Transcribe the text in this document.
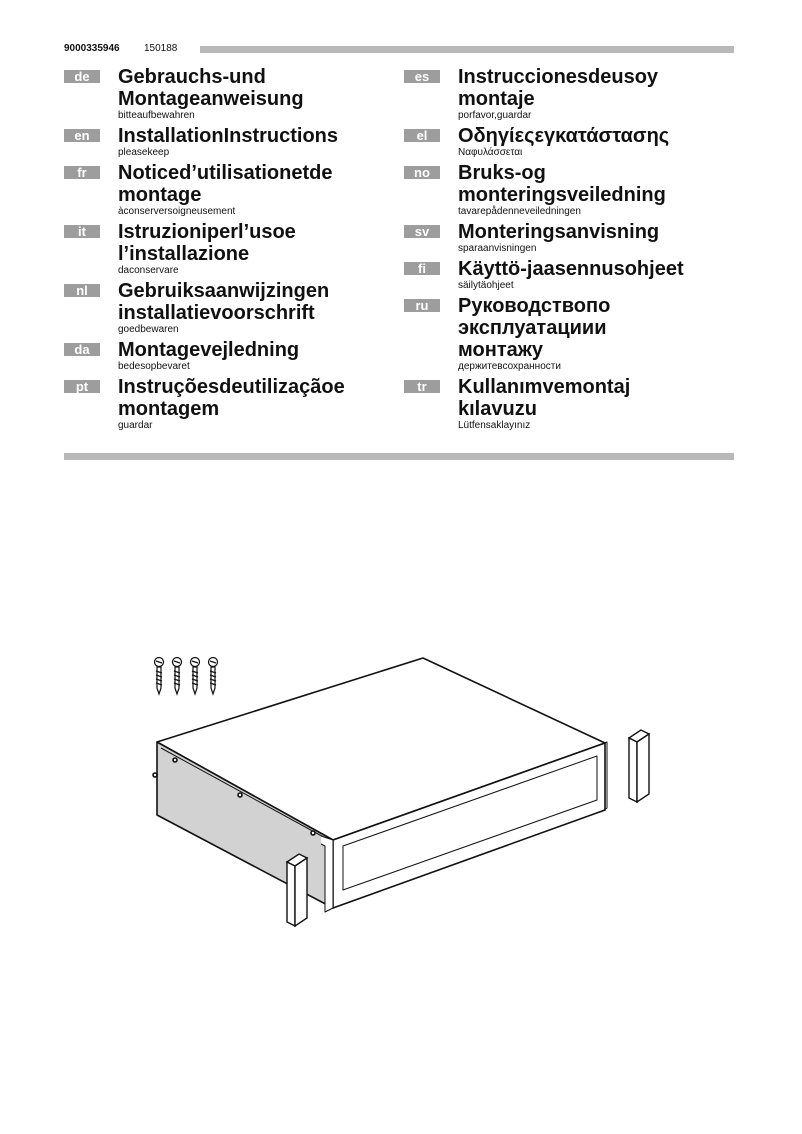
9000335946 150188
de	Gebrauchs-und
Montageanweisung
bitteaufbewahren
en	InstallationInstructions
pleasekeep
fr	Noticed’utilisationetde
montage
àconserversoigneusement
it	Istruzioniperl’usoe
l’installazione
daconservare
nl	Gebruiksaanwijzingen
installatievoorschrift
goedbewaren
da	Montagevejledning
bedesopbevaret
pt	Instruçõesdeutilizaçãoe
montagem
guardar
es	Instruccionesdeusoy
montaje
porfavor,guardar
el	Οδηγίεςεγκατάστασης
Ναφυλάσσεται
no	Bruks-og
monteringsveiledning
tavarepådenneveiledningen
sv	Monteringsanvisning
sparaanvisningen
fi	Käyttö-jaasennusohjeet
säilytäohjeet
ru	Руководствопо
эксплуатациии
монтажу
держитевсохранности
tr	Kullanımvemontaj
kılavuzu
Lütfensaklayınız
